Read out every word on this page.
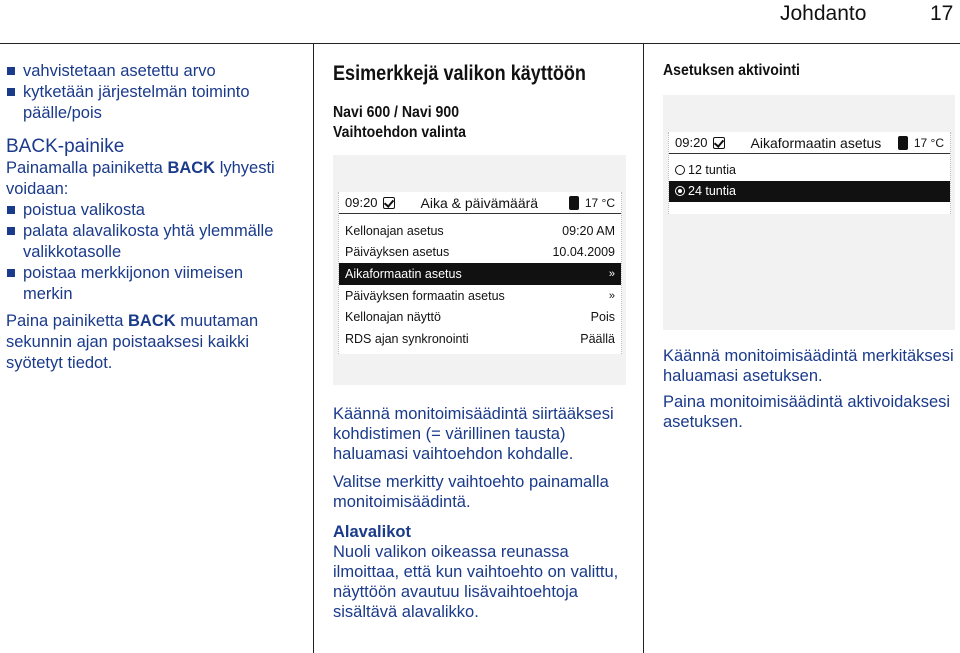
Johdanto	17
vahvistetaan asetettu arvo
kytketään järjestelmän toiminto päälle/pois
BACK-painike

Painamalla painiketta BACK lyhyesti voidaan:

poistua valikosta
palata alavalikosta yhtä ylemmälle valikkotasolle
poistaa merkkijonon viimeisen merkin

Paina painiketta BACK muutaman sekunnin ajan poistaaksesi kaikki syötetyt tiedot.

Esimerkkejä valikon käyttöön
Navi 600 / Navi 900
Vaihtoehdon valinta
09:20	Aika & päivämäärä	17 °C
Kellonajan asetus	09:20 AM
Päiväyksen asetus	10.04.2009
Aikaformaatin asetus	»
Päiväyksen formaatin asetus	»
Kellonajan näyttö	Pois
RDS ajan synkronointi	Päällä

Käännä monitoimisäädintä siirtääksesi kohdistimen (= värillinen tausta) haluamasi vaihtoehdon kohdalle.

Valitse merkitty vaihtoehto painamalla monitoimisäädintä.

Alavalikot

Nuoli valikon oikeassa reunassa ilmoittaa, että kun vaihtoehto on valittu, näyttöön avautuu lisävaihtoehtoja sisältävä alavalikko.

Asetuksen aktivointi
09:20	Aikaformaatin asetus	17 °C
12 tuntia
24 tuntia

Käännä monitoimisäädintä merkitäksesi haluamasi asetuksen.

Paina monitoimisäädintä aktivoidaksesi asetuksen.
